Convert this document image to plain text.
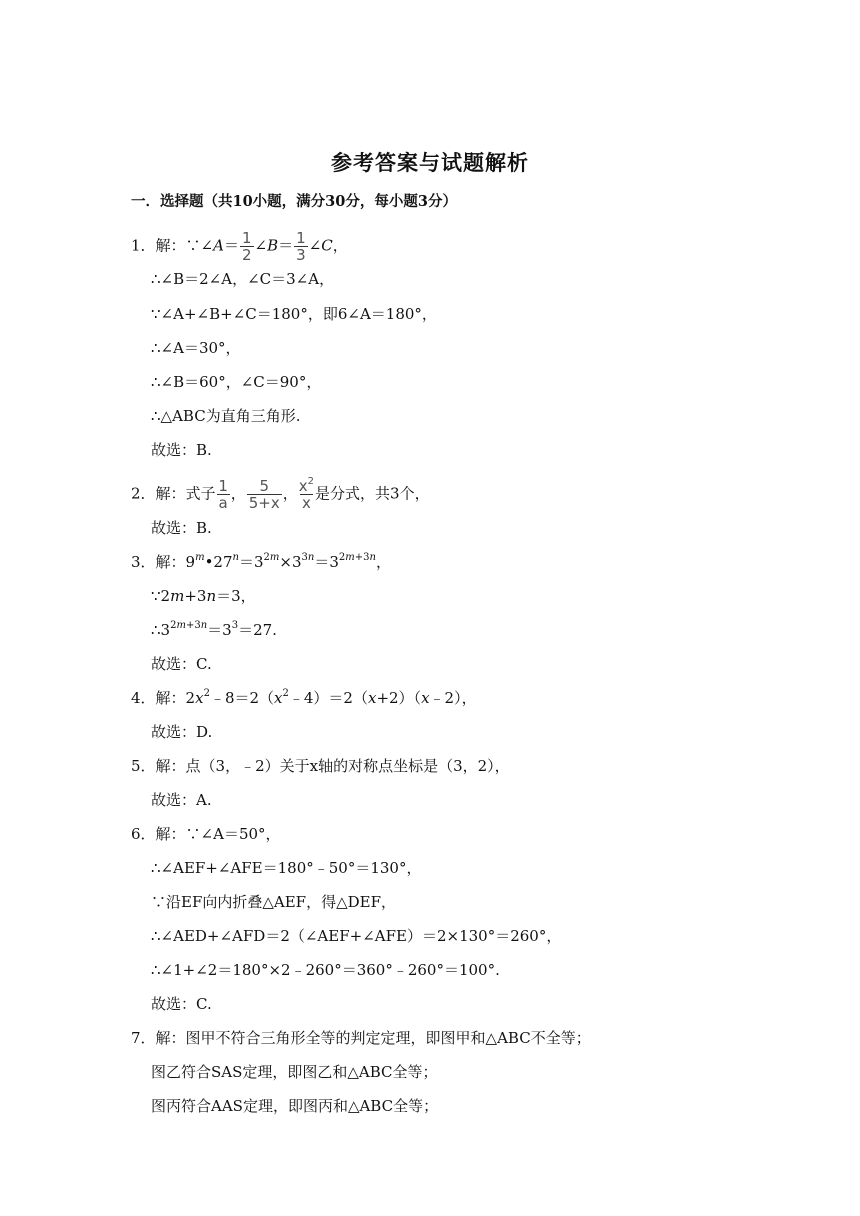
参考答案与试题解析
一．选择题（共10小题，满分30分，每小题3分）
1．解：∵∠A＝ $\frac{1}{2}$ ∠B＝ $\frac{1}{3}$ ∠C，
∴∠B＝2∠A，∠C＝3∠A，
∵∠A+∠B+∠C＝180°，即6∠A＝180°，
∴∠A＝30°，
∴∠B＝60°，∠C＝90°，
∴△ABC为直角三角形.
故选：B.
2．解：式子 $\frac{1}{a}$ ， $\frac{5}{5+x}$ ， $\frac{x^2}{x}$ 是分式，共3个，
故选：B.
3．解：$9^m•27^n=3^{2m}\times 3^{3n}=3^{2m+3n}$，
∵2m+3n＝3，
$\therefore 3^{2m+3n}=3^3=27$.
故选：C.
4．解：$2x^2﹣8=2(x^2﹣4)=2(x+2)(x﹣2)$，
故选：D.
5．解：点（3，﹣2）关于x轴的对称点坐标是（3，2），
故选：A.
6．解：∵∠A＝50°，
∴∠AEF+∠AFE＝180°﹣50°＝130°，
∵沿EF向内折叠△AEF，得△DEF，
∴∠AED+∠AFD＝2（∠AEF+∠AFE）＝2×130°＝260°，
∴∠1+∠2＝180°×2﹣260°＝360°﹣260°＝100°.
故选：C.
7．解：图甲不符合三角形全等的判定定理，即图甲和△ABC不全等；
图乙符合SAS定理，即图乙和△ABC全等；
图丙符合AAS定理，即图丙和△ABC全等；
